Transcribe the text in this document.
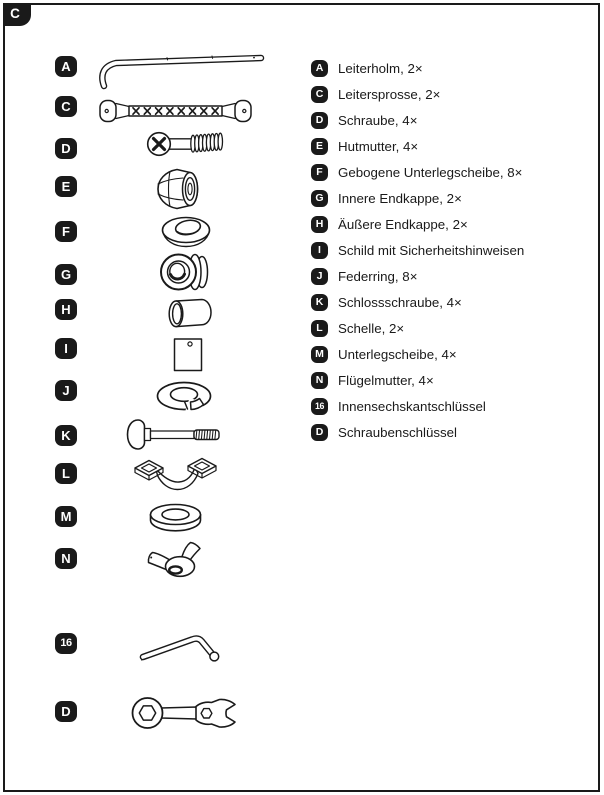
C
A
C
D
E
F
G
H
I
J
K
L
M
N
16
D
A	Leiterholm, 2×
C	Leitersprosse, 2×
D	Schraube, 4×
E	Hutmutter, 4×
F	Gebogene Unterlegscheibe, 8×
G	Innere Endkappe, 2×
H	Äußere Endkappe, 2×
I	Schild mit Sicherheitshinweisen
J	Federring, 8×
K	Schlossschraube, 4×
L	Schelle, 2×
M	Unterlegscheibe, 4×
N	Flügelmutter, 4×
16	Innensechskantschlüssel
D	Schraubenschlüssel
